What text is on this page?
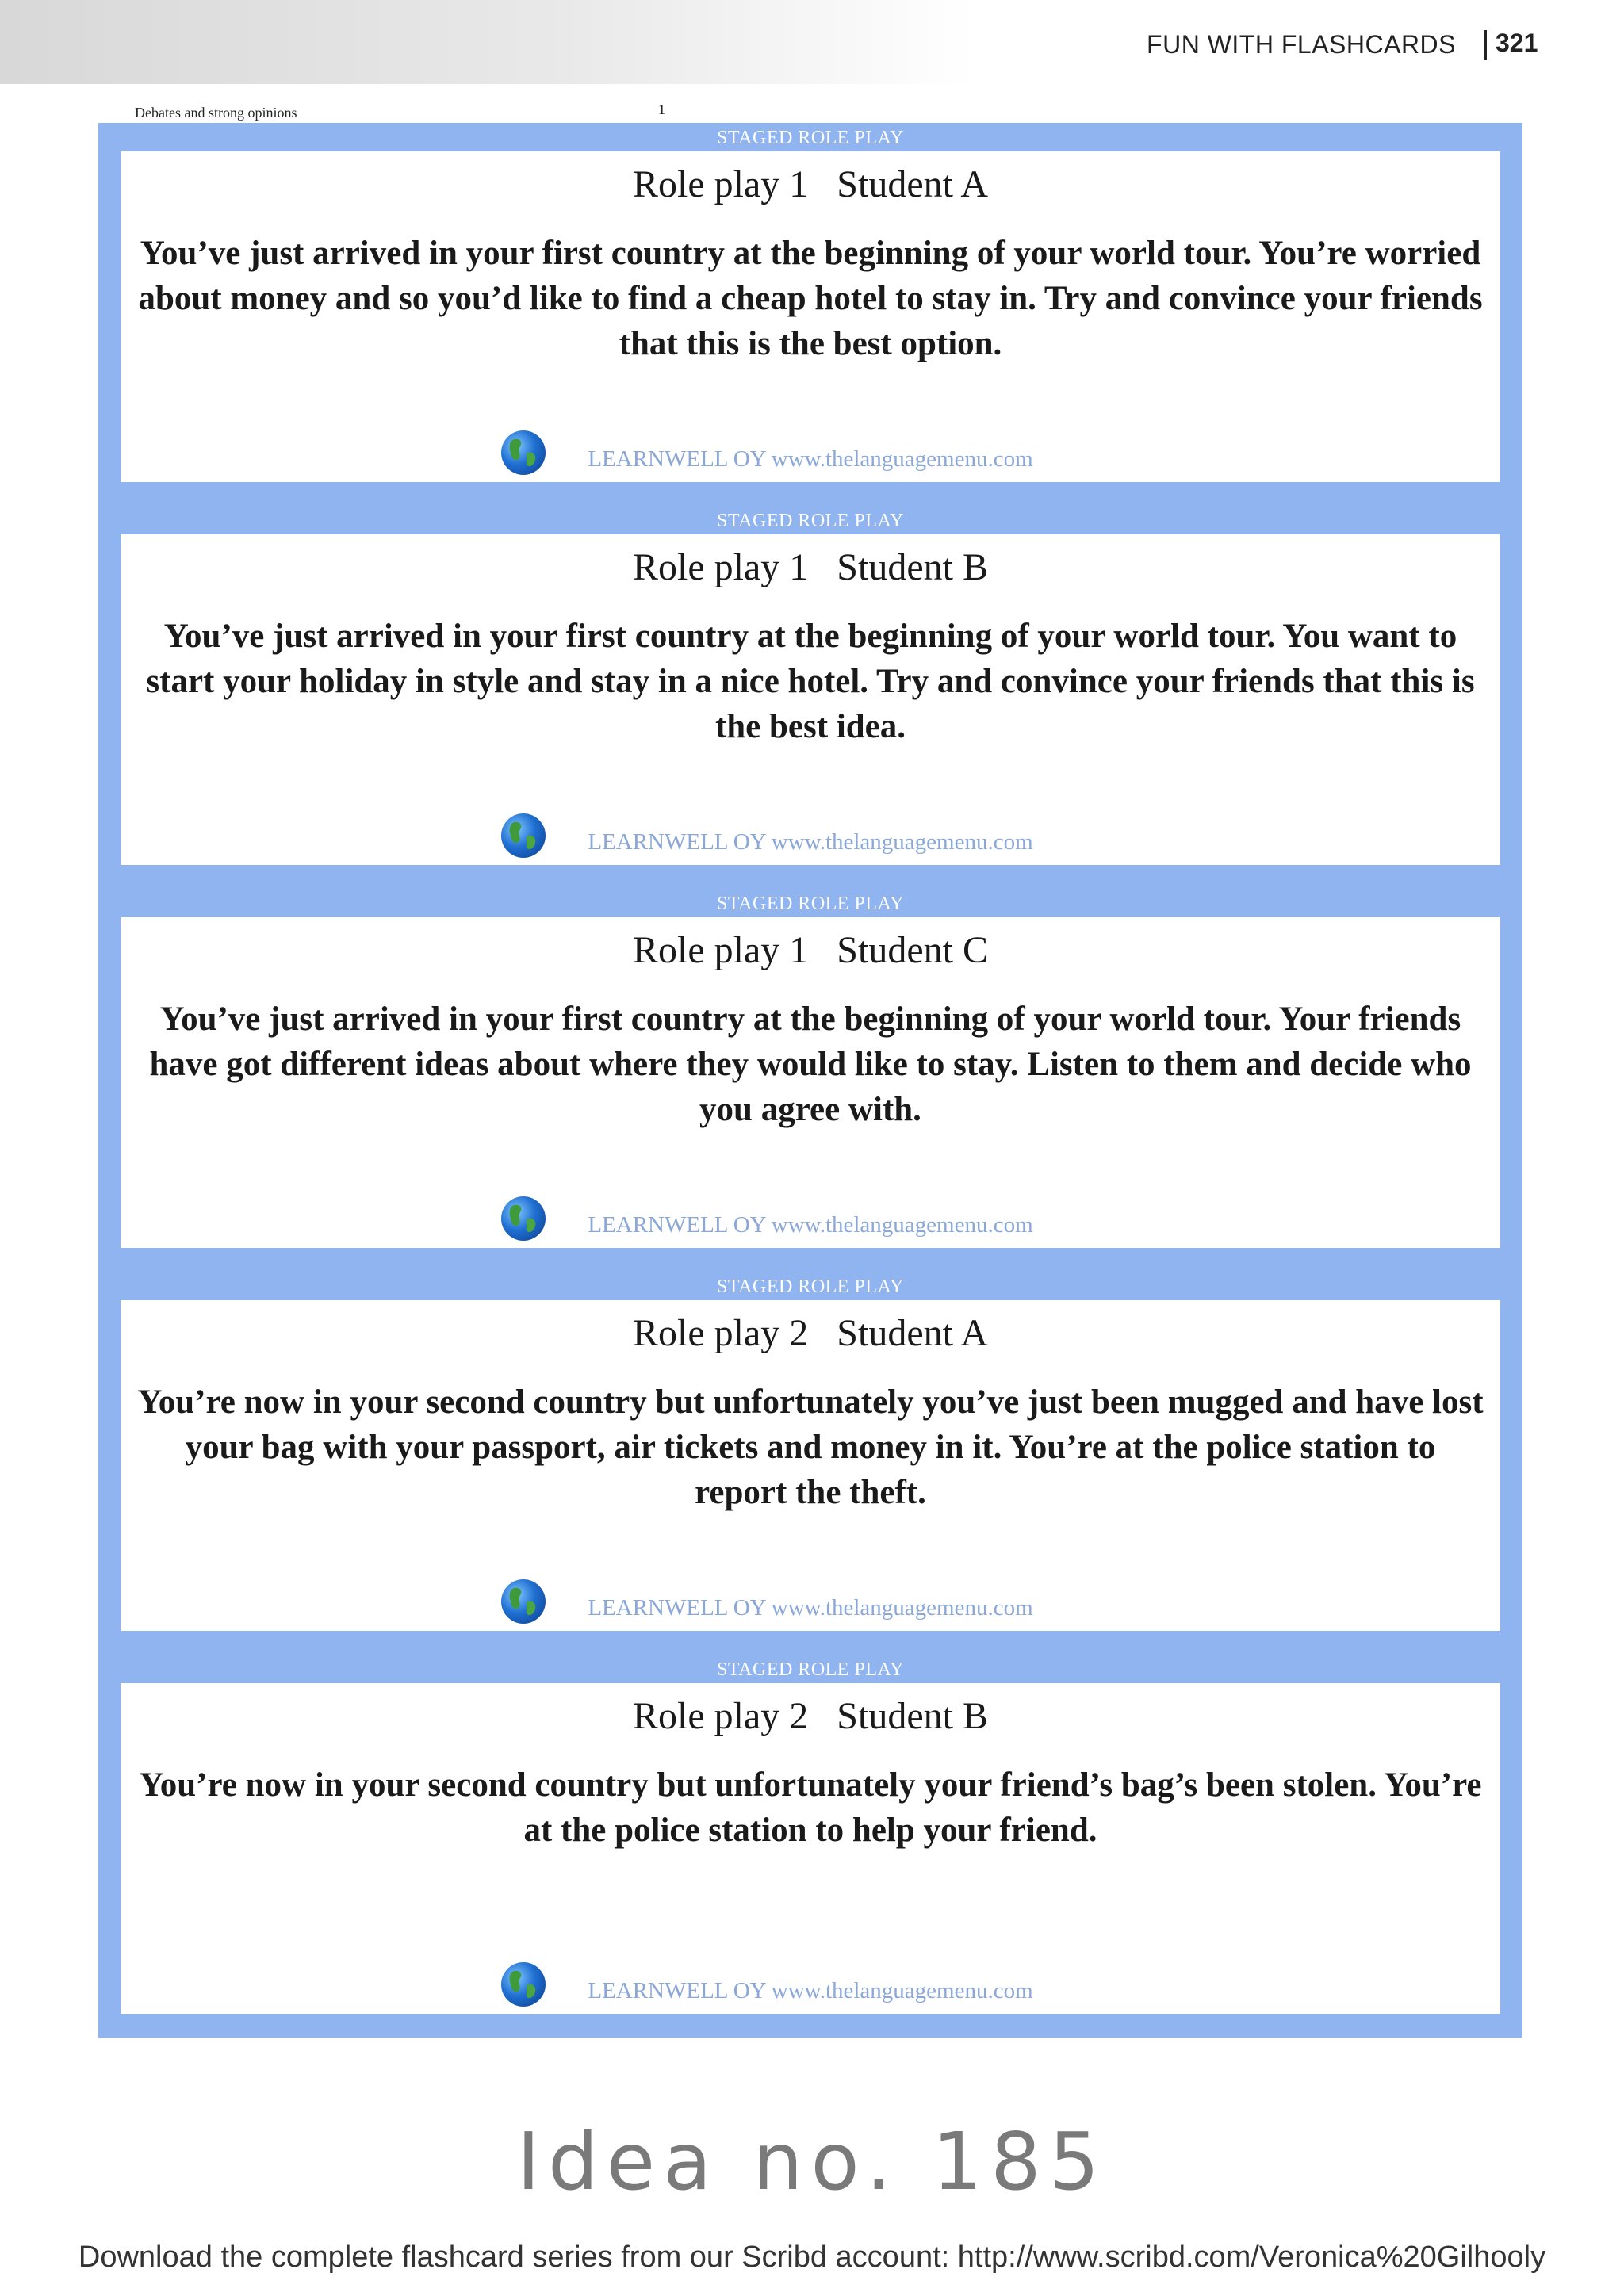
FUN WITH FLASHCARDS 321
Debates and strong opinions	1
STAGED ROLE PLAY
Role play 1   Student A
You’ve just arrived in your first country at the beginning of your world tour. You’re worried about money and so you’d like to find a cheap hotel to stay in. Try and convince your friends that this is the best option.
LEARNWELL OY www.thelanguagemenu.com
STAGED ROLE PLAY
Role play 1   Student B
You’ve just arrived in your first country at the beginning of your world tour. You want to start your holiday in style and stay in a nice hotel. Try and convince your friends that this is the best idea.
LEARNWELL OY www.thelanguagemenu.com
STAGED ROLE PLAY
Role play 1   Student C
You’ve just arrived in your first country at the beginning of your world tour. Your friends have got different ideas about where they would like to stay. Listen to them and decide who you agree with.
LEARNWELL OY www.thelanguagemenu.com
STAGED ROLE PLAY
Role play 2   Student A
You’re now in your second country but unfortunately you’ve just been mugged and have lost your bag with your passport, air tickets and money in it. You’re at the police station to report the theft.
LEARNWELL OY www.thelanguagemenu.com
STAGED ROLE PLAY
Role play 2   Student B
You’re now in your second country but unfortunately your friend’s bag’s been stolen. You’re at the police station to help your friend.
LEARNWELL OY www.thelanguagemenu.com
Idea no. 185
Download the complete flashcard series from our Scribd account: http://www.scribd.com/Veronica%20Gilhooly
